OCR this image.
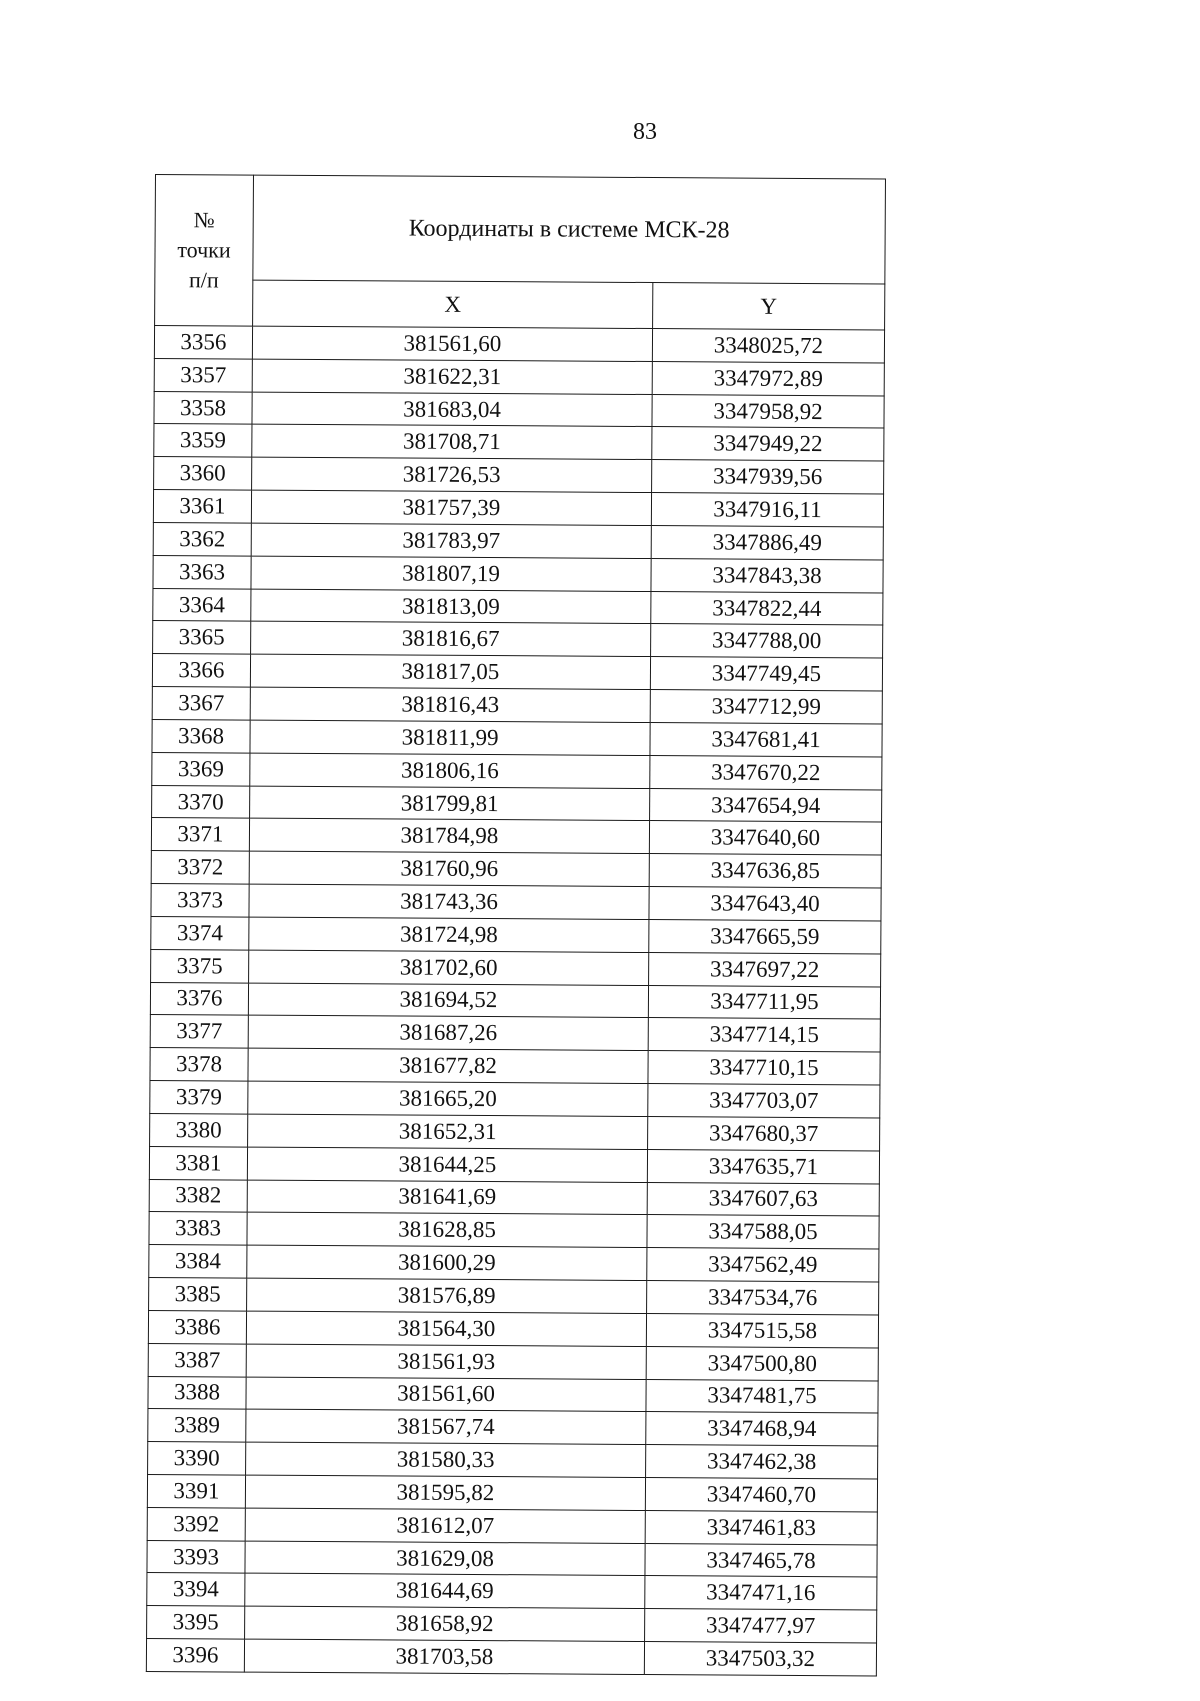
83
№
точки
п/п	Координаты в системе МСК-28	
	X	Y
3356	381561,60	3348025,72
3357	381622,31	3347972,89
3358	381683,04	3347958,92
3359	381708,71	3347949,22
3360	381726,53	3347939,56
3361	381757,39	3347916,11
3362	381783,97	3347886,49
3363	381807,19	3347843,38
3364	381813,09	3347822,44
3365	381816,67	3347788,00
3366	381817,05	3347749,45
3367	381816,43	3347712,99
3368	381811,99	3347681,41
3369	381806,16	3347670,22
3370	381799,81	3347654,94
3371	381784,98	3347640,60
3372	381760,96	3347636,85
3373	381743,36	3347643,40
3374	381724,98	3347665,59
3375	381702,60	3347697,22
3376	381694,52	3347711,95
3377	381687,26	3347714,15
3378	381677,82	3347710,15
3379	381665,20	3347703,07
3380	381652,31	3347680,37
3381	381644,25	3347635,71
3382	381641,69	3347607,63
3383	381628,85	3347588,05
3384	381600,29	3347562,49
3385	381576,89	3347534,76
3386	381564,30	3347515,58
3387	381561,93	3347500,80
3388	381561,60	3347481,75
3389	381567,74	3347468,94
3390	381580,33	3347462,38
3391	381595,82	3347460,70
3392	381612,07	3347461,83
3393	381629,08	3347465,78
3394	381644,69	3347471,16
3395	381658,92	3347477,97
3396	381703,58	3347503,32
